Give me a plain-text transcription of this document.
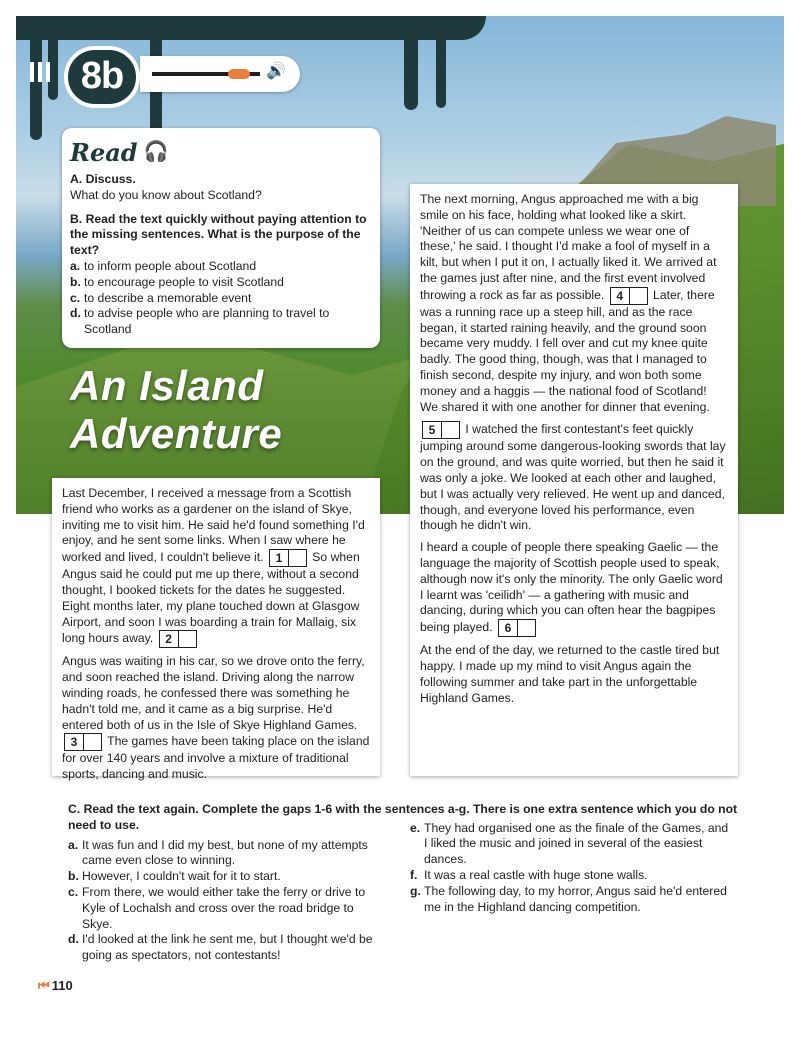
🔊
8b
Read 🎧
A. Discuss.
What do you know about Scotland?
B. Read the text quickly without paying attention to the missing sentences. What is the purpose of the text?
a. to inform people about Scotland
b. to encourage people to visit Scotland
c. to describe a memorable event
d. to advise people who are planning to travel to Scotland
An Island
Adventure

Last December, I received a message from a Scottish friend who works as a gardener on the island of Skye, inviting me to visit him. He said he'd found something I'd enjoy, and he sent some links. When I saw where he worked and lived, I couldn't believe it.	1	So when Angus said he could put me up there, without a second thought, I booked tickets for the dates he suggested. Eight months later, my plane touched down at Glasgow Airport, and soon I was boarding a train for Mallaig, six long hours away.	2

Angus was waiting in his car, so we drove onto the ferry, and soon reached the island. Driving along the narrow winding roads, he confessed there was something he hadn't told me, and it came as a big surprise. He'd entered both of us in the Isle of Skye Highland Games.
3	The games have been taking place on the island for over 140 years and involve a mixture of traditional sports, dancing and music.

The next morning, Angus approached me with a big smile on his face, holding what looked like a skirt. 'Neither of us can compete unless we wear one of these,' he said. I thought I'd make a fool of myself in a kilt, but when I put it on, I actually liked it. We arrived at the games just after nine, and the first event involved throwing a rock as far as possible.	4	Later, there was a running race up a steep hill, and as the race began, it started raining heavily, and the ground soon became very muddy. I fell over and cut my knee quite badly. The good thing, though, was that I managed to finish second, despite my injury, and won both some money and a haggis — the national food of Scotland! We shared it with one another for dinner that evening.

5	I watched the first contestant's feet quickly jumping around some dangerous-looking swords that lay on the ground, and was quite worried, but then he said it was only a joke. We looked at each other and laughed, but I was actually very relieved. He went up and danced, though, and everyone loved his performance, even though he didn't win.

I heard a couple of people there speaking Gaelic — the language the majority of Scottish people used to speak, although now it's only the minority. The only Gaelic word I learnt was 'ceilidh' — a gathering with music and dancing, during which you can often hear the bagpipes being played.	6

At the end of the day, we returned to the castle tired but happy. I made up my mind to visit Angus again the following summer and take part in the unforgettable Highland Games.

C. Read the text again. Complete the gaps 1-6 with the sentences a-g. There is one extra sentence which you do not need to use.
a. It was fun and I did my best, but none of my attempts came even close to winning.
b. However, I couldn't wait for it to start.
c. From there, we would either take the ferry or drive to Kyle of Lochalsh and cross over the road bridge to Skye.
d. I'd looked at the link he sent me, but I thought we'd be going as spectators, not contestants!
e. They had organised one as the finale of the Games, and I liked the music and joined in several of the easiest dances.
f. It was a real castle with huge stone walls.
g. The following day, to my horror, Angus said he'd entered me in the Highland dancing competition.
⏮ 110
